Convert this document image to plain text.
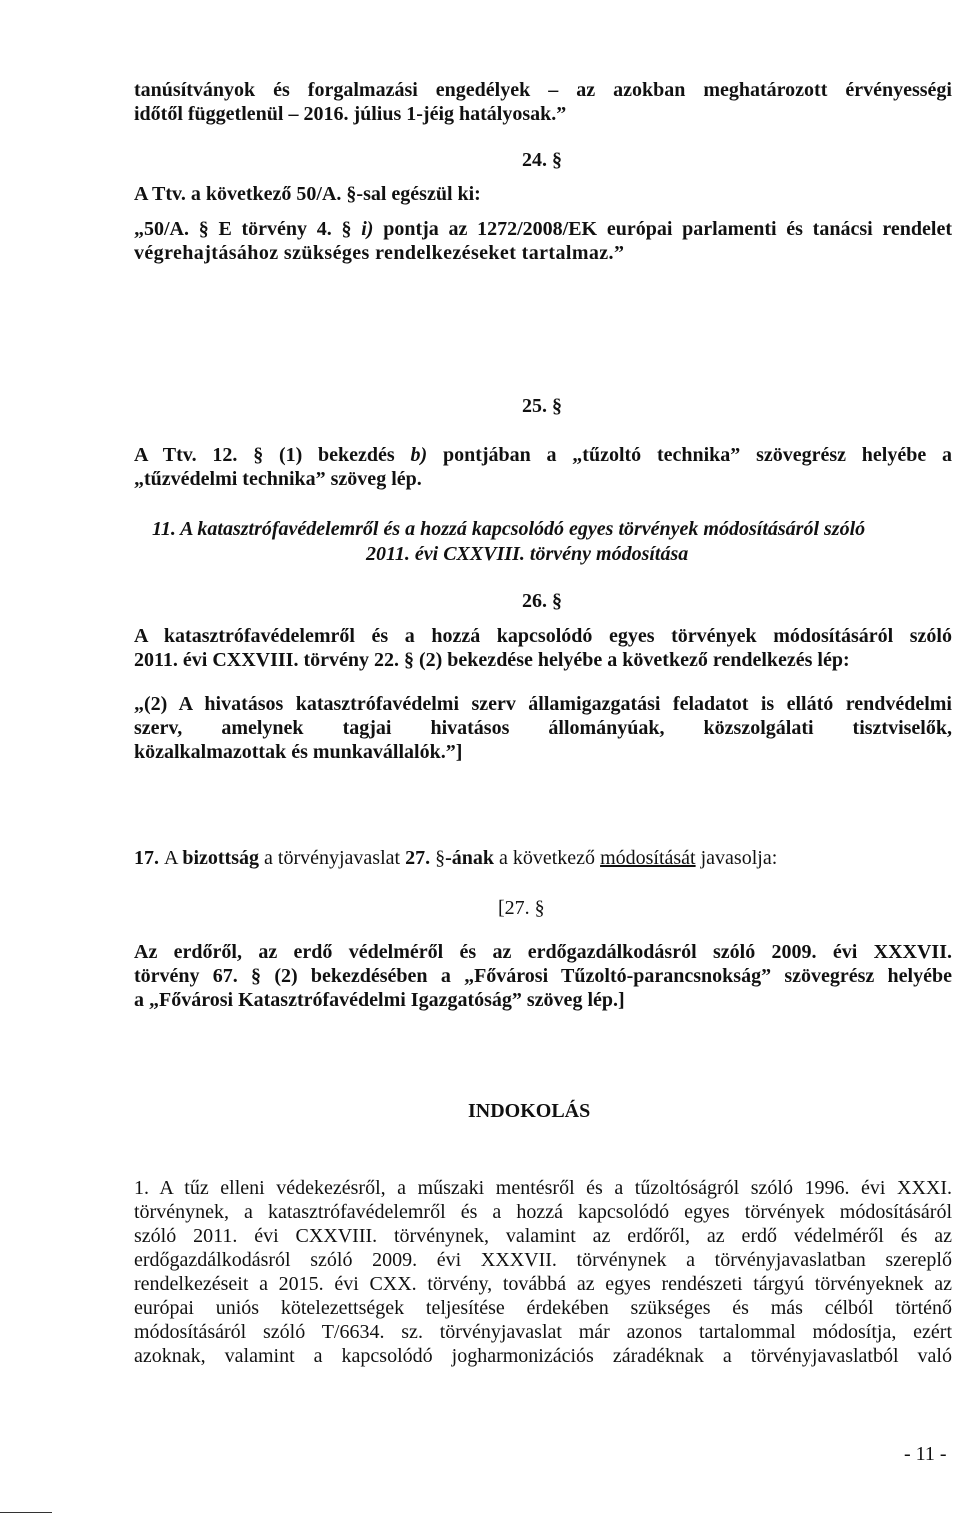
tanúsítványok és forgalmazási engedélyek – az azokban meghatározott érvényességi
időtől függetlenül – 2016. július 1-jéig hatályosak.”
24. §
A Ttv. a következő 50/A. §-sal egészül ki:
„50/A. § E törvény 4. § i) pontja az 1272/2008/EK európai parlamenti és tanácsi rendelet
végrehajtásához szükséges rendelkezéseket tartalmaz.”
25. §
A Ttv. 12. § (1) bekezdés b) pontjában a „tűzoltó technika” szövegrész helyébe a
„tűzvédelmi technika” szöveg lép.
11. A katasztrófavédelemről és a hozzá kapcsolódó egyes törvények módosításáról szóló
2011. évi CXXVIII. törvény módosítása
26. §
A katasztrófavédelemről és a hozzá kapcsolódó egyes törvények módosításáról szóló
2011. évi CXXVIII. törvény 22. § (2) bekezdése helyébe a következő rendelkezés lép:
„(2) A hivatásos katasztrófavédelmi szerv államigazgatási feladatot is ellátó rendvédelmi
szerv, amelynek tagjai hivatásos állományúak, közszolgálati tisztviselők,
közalkalmazottak és munkavállalók.”]
17. A bizottság a törvényjavaslat 27. §-ának a következő módosítását javasolja:
[27. §
Az erdőről, az erdő védelméről és az erdőgazdálkodásról szóló 2009. évi XXXVII.
törvény 67. § (2) bekezdésében a „Fővárosi Tűzoltó-parancsnokság” szövegrész helyébe
a „Fővárosi Katasztrófavédelmi Igazgatóság” szöveg lép.]
INDOKOLÁS
1. A tűz elleni védekezésről, a műszaki mentésről és a tűzoltóságról szóló 1996. évi XXXI.
törvénynek, a katasztrófavédelemről és a hozzá kapcsolódó egyes törvények módosításáról
szóló 2011. évi CXXVIII. törvénynek, valamint az erdőről, az erdő védelméről és az
erdőgazdálkodásról szóló 2009. évi XXXVII. törvénynek a törvényjavaslatban szereplő
rendelkezéseit a 2015. évi CXX. törvény, továbbá az egyes rendészeti tárgyú törvényeknek az
európai uniós kötelezettségek teljesítése érdekében szükséges és más célból történő
módosításáról szóló T/6634. sz. törvényjavaslat már azonos tartalommal módosítja, ezért
azoknak, valamint a kapcsolódó jogharmonizációs záradéknak a törvényjavaslatból való
- 11 -
